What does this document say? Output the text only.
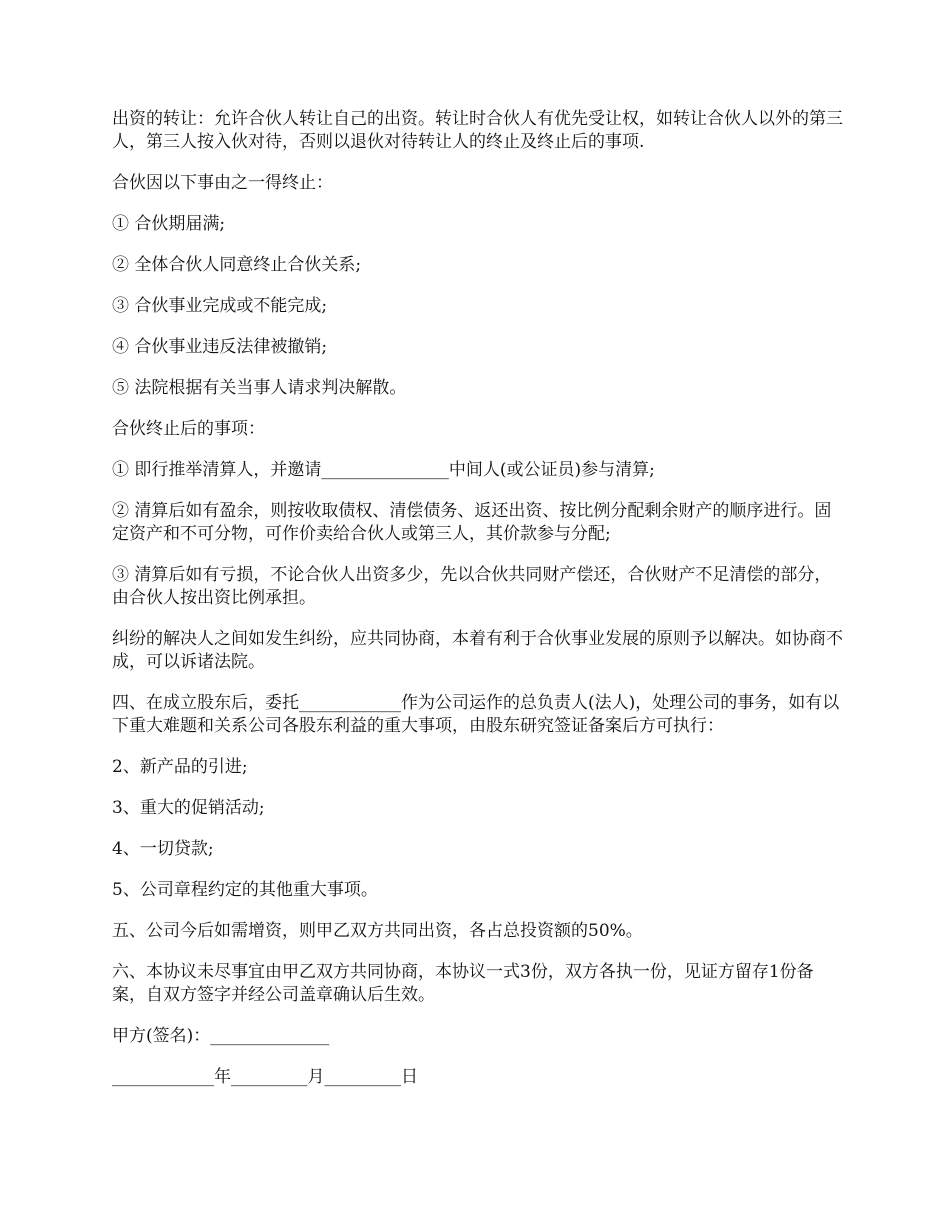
出资的转让：允许合伙人转让自己的出资。转让时合伙人有优先受让权，如转让合伙人以外的第三人，第三人按入伙对待，否则以退伙对待转让人的终止及终止后的事项.

合伙因以下事由之一得终止：

① 合伙期届满;

② 全体合伙人同意终止合伙关系;

③ 合伙事业完成或不能完成;

④ 合伙事业违反法律被撤销;

⑤ 法院根据有关当事人请求判决解散。

合伙终止后的事项：

① 即行推举清算人，并邀请_______________中间人(或公证员)参与清算;

② 清算后如有盈余，则按收取债权、清偿债务、返还出资、按比例分配剩余财产的顺序进行。固定资产和不可分物，可作价卖给合伙人或第三人，其价款参与分配;

③ 清算后如有亏损，不论合伙人出资多少，先以合伙共同财产偿还，合伙财产不足清偿的部分，由合伙人按出资比例承担。

纠纷的解决人之间如发生纠纷，应共同协商，本着有利于合伙事业发展的原则予以解决。如协商不成，可以诉诸法院。

四、在成立股东后，委托____________作为公司运作的总负责人(法人)，处理公司的事务，如有以下重大难题和关系公司各股东利益的重大事项，由股东研究签证备案后方可执行：

2、新产品的引进;

3、重大的促销活动;

4、一切贷款;

5、公司章程约定的其他重大事项。

五、公司今后如需增资，则甲乙双方共同出资，各占总投资额的50%。

六、本协议未尽事宜由甲乙双方共同协商，本协议一式3份，双方各执一份，见证方留存1份备案，自双方签字并经公司盖章确认后生效。

甲方(签名)：______________

____________年_________月_________日
